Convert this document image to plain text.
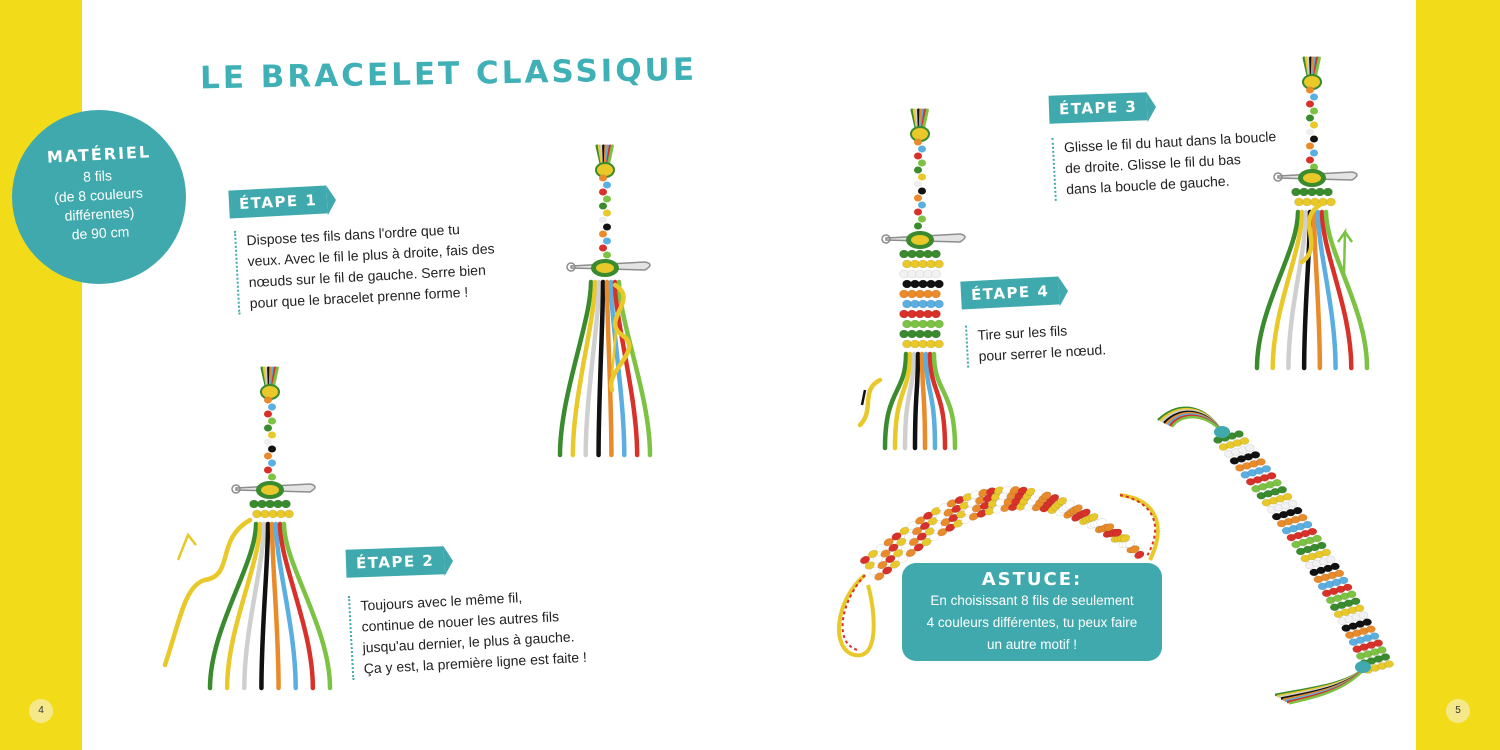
LE BRACELET CLASSIQUE
MATÉRIEL
8 fils
(de 8 couleurs
différentes)
de 90 cm
ÉTAPE 1
Dispose tes fils dans l'ordre que tu
veux. Avec le fil le plus à droite, fais des
nœuds sur le fil de gauche. Serre bien
pour que le bracelet prenne forme !
ÉTAPE 2
Toujours avec le même fil,
continue de nouer les autres fils
jusqu'au dernier, le plus à gauche.
Ça y est, la première ligne est faite !
ÉTAPE 3
Glisse le fil du haut dans la boucle
de droite. Glisse le fil du bas
dans la boucle de gauche.
ÉTAPE 4
Tire sur les fils
pour serrer le nœud.
ASTUCE:
En choisissant 8 fils de seulement
4 couleurs différentes, tu peux faire
un autre motif !
4	5
